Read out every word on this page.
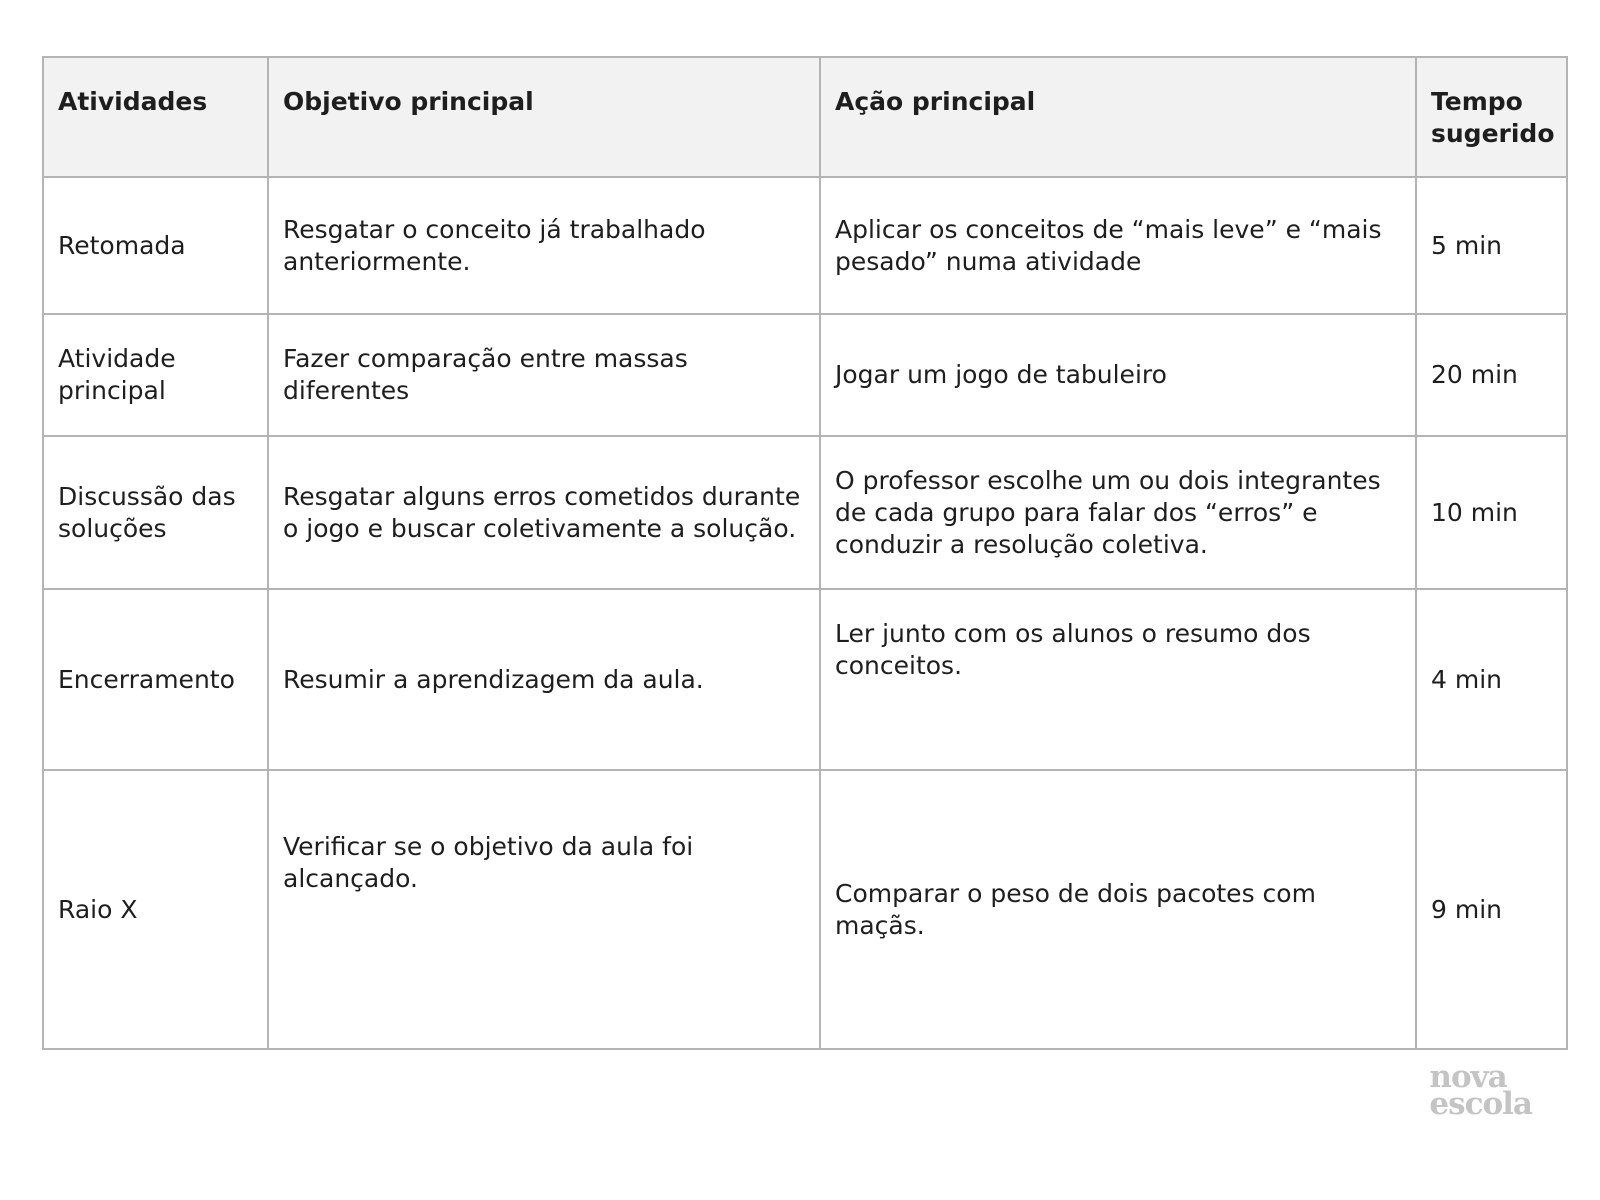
Atividades	Objetivo principal	Ação principal	Tempo sugerido
Retomada	Resgatar o conceito já trabalhado anteriormente.	Aplicar os conceitos de “mais leve” e “mais pesado” numa atividade	5 min
Atividade principal	Fazer comparação entre massas diferentes	Jogar um jogo de tabuleiro	20 min
Discussão das soluções	Resgatar alguns erros cometidos durante o jogo e buscar coletivamente a solução.	O professor escolhe um ou dois integrantes de cada grupo para falar dos “erros” e conduzir a resolução coletiva.	10 min
Encerramento	Resumir a aprendizagem da aula.	Ler junto com os alunos o resumo dos conceitos.	4 min
Raio X	Verificar se o objetivo da aula foi alcançado.	Comparar o peso de dois pacotes com maçãs.	9 min
nova
escola
